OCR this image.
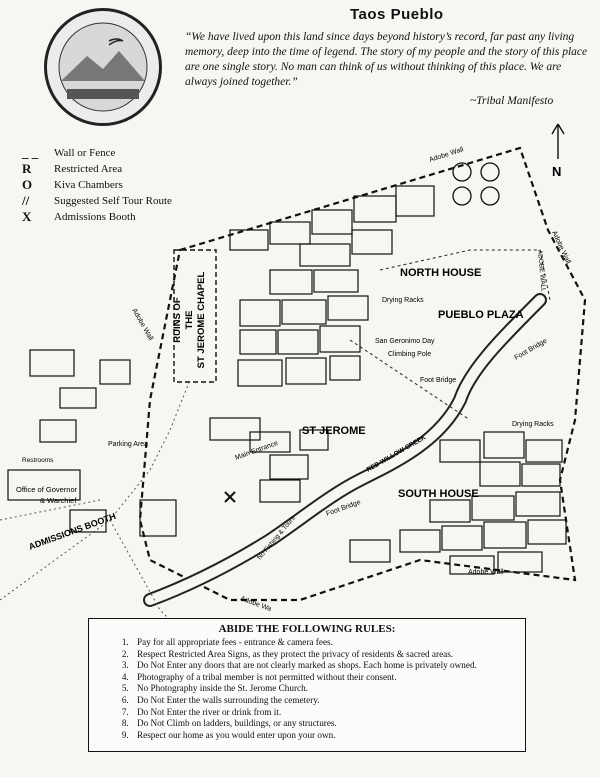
NORTH HOUSE
PUEBLO PLAZA
ST JEROME
SOUTH HOUSE
Drying Racks
Drying Racks
San Geronimo Day
Climbing Pole
Foot Bridge
Foot Bridge
Foot Bridge
RED WILLOW CREEK
Adobe Wall
Adobe Wall
ADOBE WALL
Adobe Wall
Adobe Wall
Adobe Wa
Main Entrance
Parking Area
Restrooms
Office of Governor
& Warchief
ADMISSIONS BOOTH	No Fishing & Tours
RUINS OF THE ST JEROME CHAPEL
N
Taos Pueblo
“We have lived upon this land since days beyond history’s record, far past any living memory, deep into the time of legend. The story of my people and the story of this place are one single story. No man can think of us without thinking of this place. We are always joined together.”
~Tribal Manifesto
_ _	Wall or Fence
R	Restricted Area
O	Kiva Chambers
//	Suggested Self Tour Route
X	Admissions Booth
ABIDE THE FOLLOWING RULES:
1. Pay for all appropriate fees - entrance & camera fees.
2. Respect Restricted Area Signs, as they protect the privacy of residents & sacred areas.
3. Do Not Enter any doors that are not clearly marked as shops. Each home is privately owned.
4. Photography of a tribal member is not permitted without their consent.
5. No Photography inside the St. Jerome Church.
6. Do Not Enter the walls surrounding the cemetery.
7. Do Not Enter the river or drink from it.
8. Do Not Climb on ladders, buildings, or any structures.
9. Respect our home as you would enter upon your own.
